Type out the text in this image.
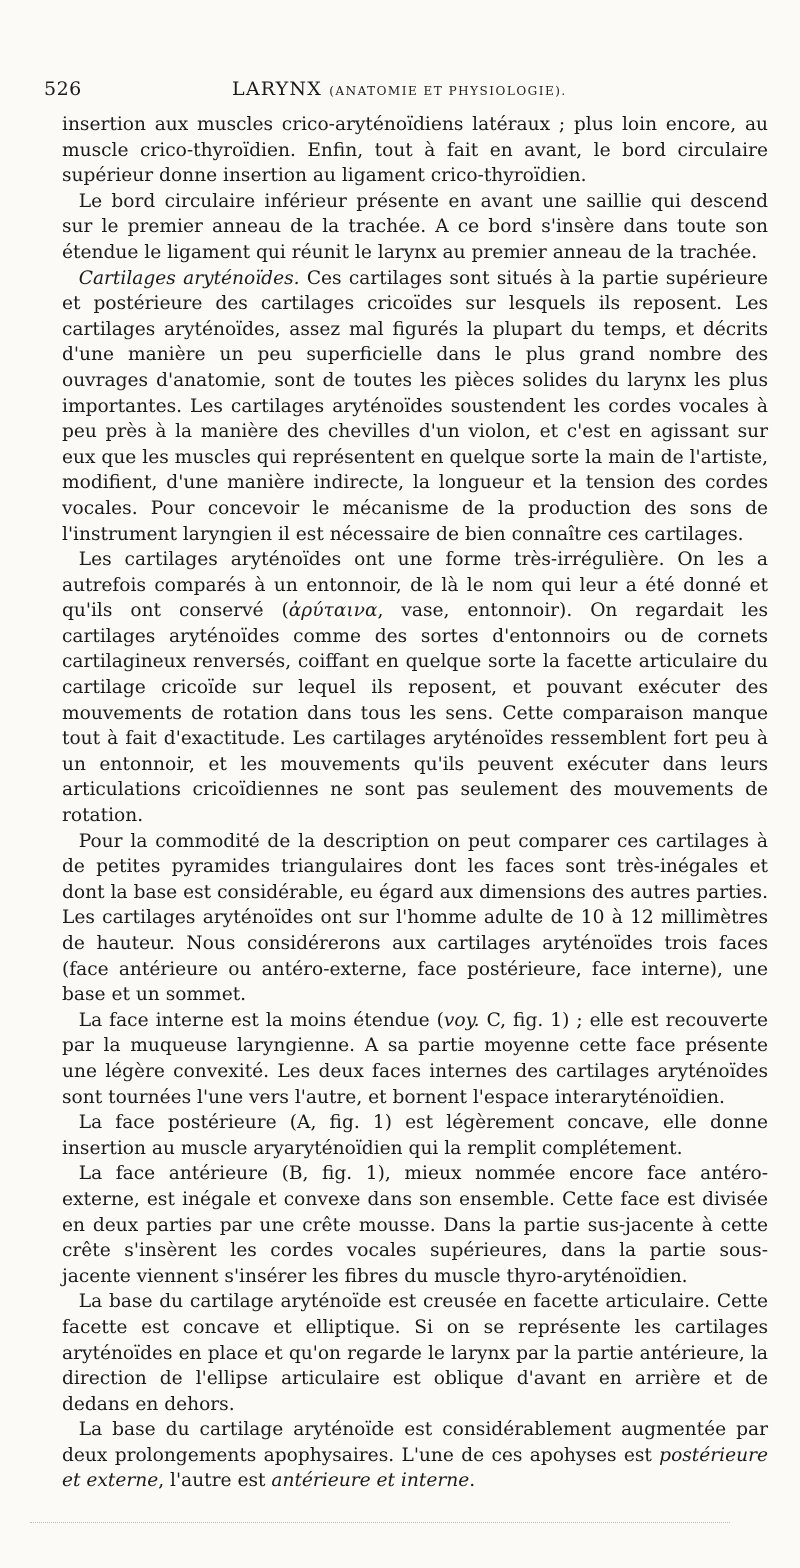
526	LARYNX (ANATOMIE ET PHYSIOLOGIE).

insertion aux muscles crico-aryténoïdiens latéraux ; plus loin encore, au muscle crico-thyroïdien. Enfin, tout à fait en avant, le bord circulaire supérieur donne insertion au ligament crico-thyroïdien.

Le bord circulaire inférieur présente en avant une saillie qui descend sur le premier anneau de la trachée. A ce bord s'insère dans toute son étendue le ligament qui réunit le larynx au premier anneau de la trachée.

Cartilages aryténoïdes. Ces cartilages sont situés à la partie supérieure et postérieure des cartilages cricoïdes sur lesquels ils reposent. Les cartilages aryténoïdes, assez mal figurés la plupart du temps, et décrits d'une manière un peu superficielle dans le plus grand nombre des ouvrages d'anatomie, sont de toutes les pièces solides du larynx les plus importantes. Les cartilages aryténoïdes soustendent les cordes vocales à peu près à la manière des chevilles d'un violon, et c'est en agissant sur eux que les muscles qui représentent en quelque sorte la main de l'artiste, modifient, d'une manière indirecte, la longueur et la tension des cordes vocales. Pour concevoir le mécanisme de la production des sons de l'instrument laryngien il est nécessaire de bien connaître ces cartilages.

Les cartilages aryténoïdes ont une forme très-irrégulière. On les a autrefois comparés à un entonnoir, de là le nom qui leur a été donné et qu'ils ont conservé (ἀρύταινα, vase, entonnoir). On regardait les cartilages aryténoïdes comme des sortes d'entonnoirs ou de cornets cartilagineux renversés, coiffant en quelque sorte la facette articulaire du cartilage cricoïde sur lequel ils reposent, et pouvant exécuter des mouvements de rotation dans tous les sens. Cette comparaison manque tout à fait d'exactitude. Les cartilages aryténoïdes ressemblent fort peu à un entonnoir, et les mouvements qu'ils peuvent exécuter dans leurs articulations cricoïdiennes ne sont pas seulement des mouvements de rotation.

Pour la commodité de la description on peut comparer ces cartilages à de petites pyramides triangulaires dont les faces sont très-inégales et dont la base est considérable, eu égard aux dimensions des autres parties. Les cartilages aryténoïdes ont sur l'homme adulte de 10 à 12 millimètres de hauteur. Nous considérerons aux cartilages aryténoïdes trois faces (face antérieure ou antéro-externe, face postérieure, face interne), une base et un sommet.

La face interne est la moins étendue (voy. C, fig. 1) ; elle est recouverte par la muqueuse laryngienne. A sa partie moyenne cette face présente une légère convexité. Les deux faces internes des cartilages aryténoïdes sont tournées l'une vers l'autre, et bornent l'espace interaryténoïdien.

La face postérieure (A, fig. 1) est légèrement concave, elle donne insertion au muscle aryaryténoïdien qui la remplit complétement.

La face antérieure (B, fig. 1), mieux nommée encore face antéro-externe, est inégale et convexe dans son ensemble. Cette face est divisée en deux parties par une crête mousse. Dans la partie sus-jacente à cette crête s'insèrent les cordes vocales supérieures, dans la partie sous-jacente viennent s'insérer les fibres du muscle thyro-aryténoïdien.

La base du cartilage aryténoïde est creusée en facette articulaire. Cette facette est concave et elliptique. Si on se représente les cartilages aryténoïdes en place et qu'on regarde le larynx par la partie antérieure, la direction de l'ellipse articulaire est oblique d'avant en arrière et de dedans en dehors.

La base du cartilage aryténoïde est considérablement augmentée par deux prolongements apophysaires. L'une de ces apohyses est postérieure et externe, l'autre est antérieure et interne.
